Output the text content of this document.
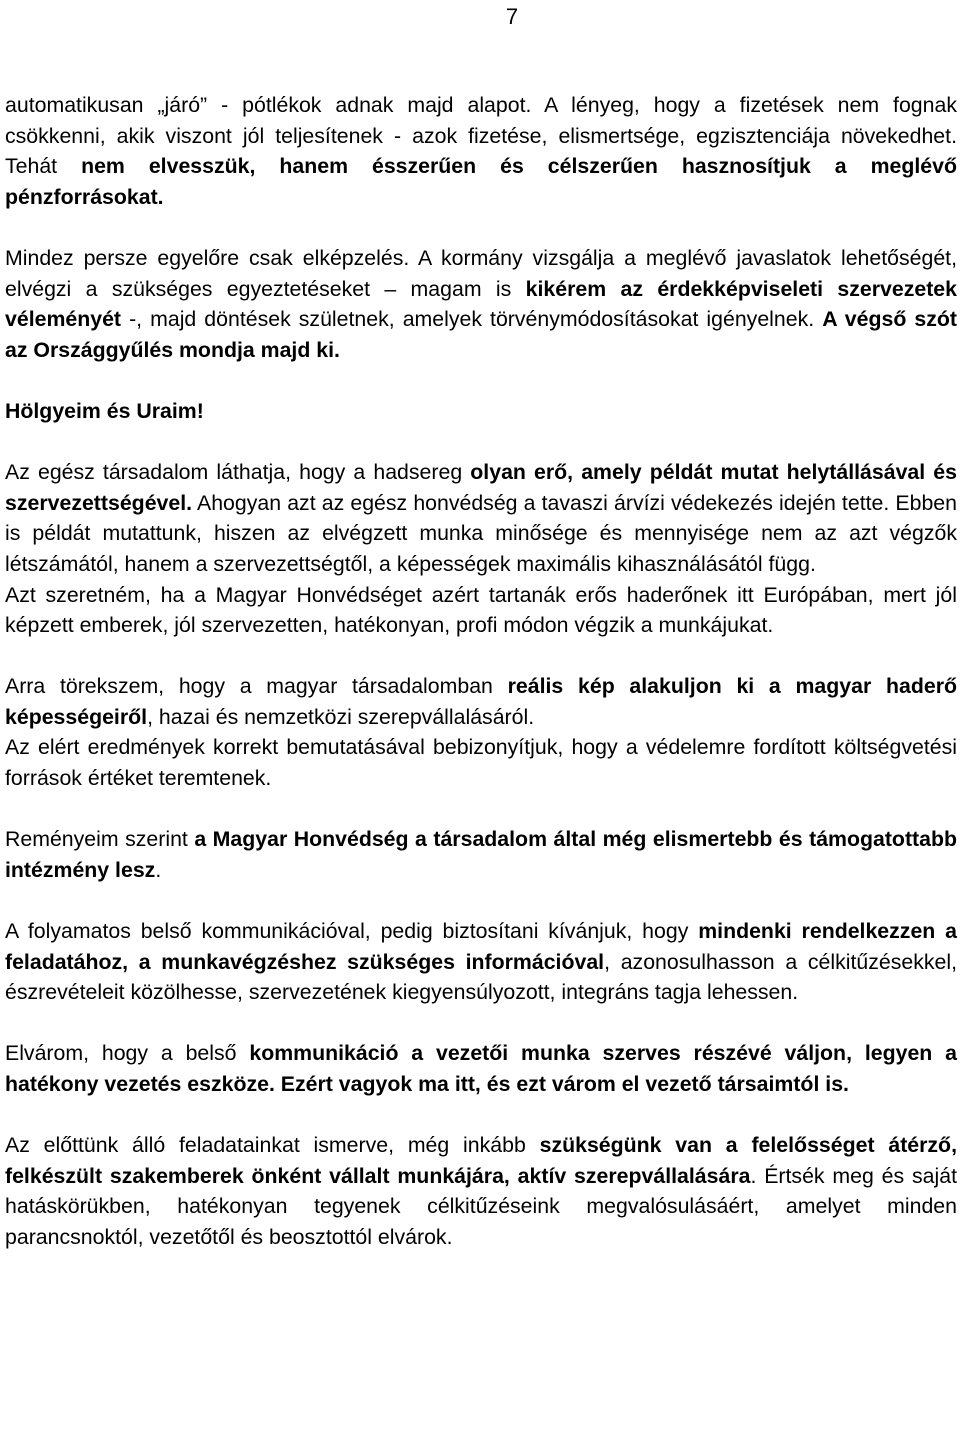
7

automatikusan „járó” - pótlékok adnak majd alapot. A lényeg, hogy a fizetések nem fognak csökkenni, akik viszont jól teljesítenek - azok fizetése, elismertsége, egzisztenciája növekedhet. Tehát nem elvesszük, hanem ésszerűen és célszerűen hasznosítjuk a meglévő pénzforrásokat.

Mindez persze egyelőre csak elképzelés. A kormány vizsgálja a meglévő javaslatok lehetőségét, elvégzi a szükséges egyeztetéseket – magam is kikérem az érdekképviseleti szervezetek véleményét -, majd döntések születnek, amelyek törvénymódosításokat igényelnek. A végső szót az Országgyűlés mondja majd ki.

Hölgyeim és Uraim!

Az egész társadalom láthatja, hogy a hadsereg olyan erő, amely példát mutat helytállásával és szervezettségével. Ahogyan azt az egész honvédség a tavaszi árvízi védekezés idején tette. Ebben is példát mutattunk, hiszen az elvégzett munka minősége és mennyisége nem az azt végzők létszámától, hanem a szervezettségtől, a képességek maximális kihasználásától függ.

Azt szeretném, ha a Magyar Honvédséget azért tartanák erős haderőnek itt Európában, mert jól képzett emberek, jól szervezetten, hatékonyan, profi módon végzik a munkájukat.

Arra törekszem, hogy a magyar társadalomban reális kép alakuljon ki a magyar haderő képességeiről, hazai és nemzetközi szerepvállalásáról.

Az elért eredmények korrekt bemutatásával bebizonyítjuk, hogy a védelemre fordított költségvetési források értéket teremtenek.

Reményeim szerint a Magyar Honvédség a társadalom által még elismertebb és támogatottabb intézmény lesz.

A folyamatos belső kommunikációval, pedig biztosítani kívánjuk, hogy mindenki rendelkezzen a feladatához, a munkavégzéshez szükséges információval, azonosulhasson a célkitűzésekkel, észrevételeit közölhesse, szervezetének kiegyensúlyozott, integráns tagja lehessen.

Elvárom, hogy a belső kommunikáció a vezetői munka szerves részévé váljon, legyen a hatékony vezetés eszköze. Ezért vagyok ma itt, és ezt várom el vezető társaimtól is.

Az előttünk álló feladatainkat ismerve, még inkább szükségünk van a felelősséget átérző, felkészült szakemberek önként vállalt munkájára, aktív szerepvállalására. Értsék meg és saját hatáskörükben, hatékonyan tegyenek célkitűzéseink megvalósulásáért, amelyet minden parancsnoktól, vezetőtől és beosztottól elvárok.
